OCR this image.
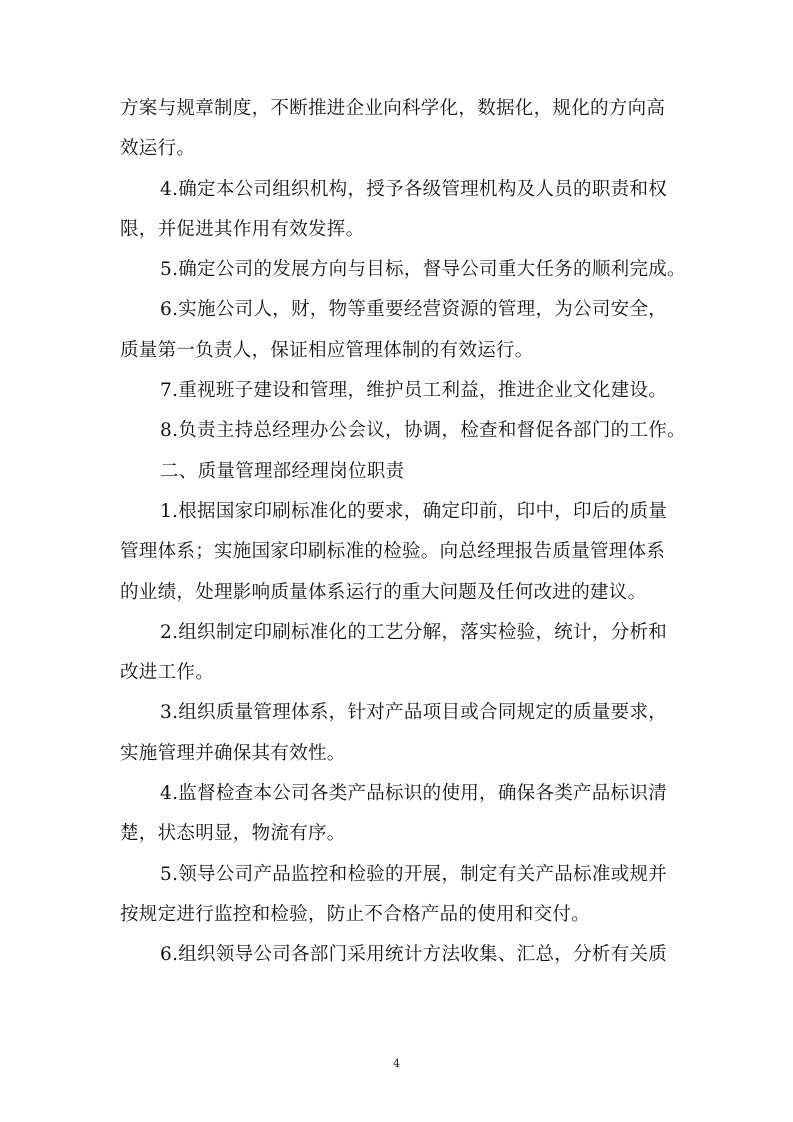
方案与规章制度，不断推进企业向科学化，数据化，规化的方向高
效运行。
4.确定本公司组织机构，授予各级管理机构及人员的职责和权
限，并促进其作用有效发挥。
5.确定公司的发展方向与目标，督导公司重大任务的顺利完成。
6.实施公司人，财，物等重要经营资源的管理，为公司安全，
质量第一负责人，保证相应管理体制的有效运行。
7.重视班子建设和管理，维护员工利益，推进企业文化建设。
8.负责主持总经理办公会议，协调，检查和督促各部门的工作。
二、质量管理部经理岗位职责
1.根据国家印刷标准化的要求，确定印前，印中，印后的质量
管理体系；实施国家印刷标准的检验。向总经理报告质量管理体系
的业绩，处理影响质量体系运行的重大问题及任何改进的建议。
2.组织制定印刷标准化的工艺分解，落实检验，统计，分析和
改进工作。
3.组织质量管理体系，针对产品项目或合同规定的质量要求，
实施管理并确保其有效性。
4.监督检查本公司各类产品标识的使用，确保各类产品标识清
楚，状态明显，物流有序。
5.领导公司产品监控和检验的开展，制定有关产品标准或规并
按规定进行监控和检验，防止不合格产品的使用和交付。
6.组织领导公司各部门采用统计方法收集、汇总，分析有关质
4
